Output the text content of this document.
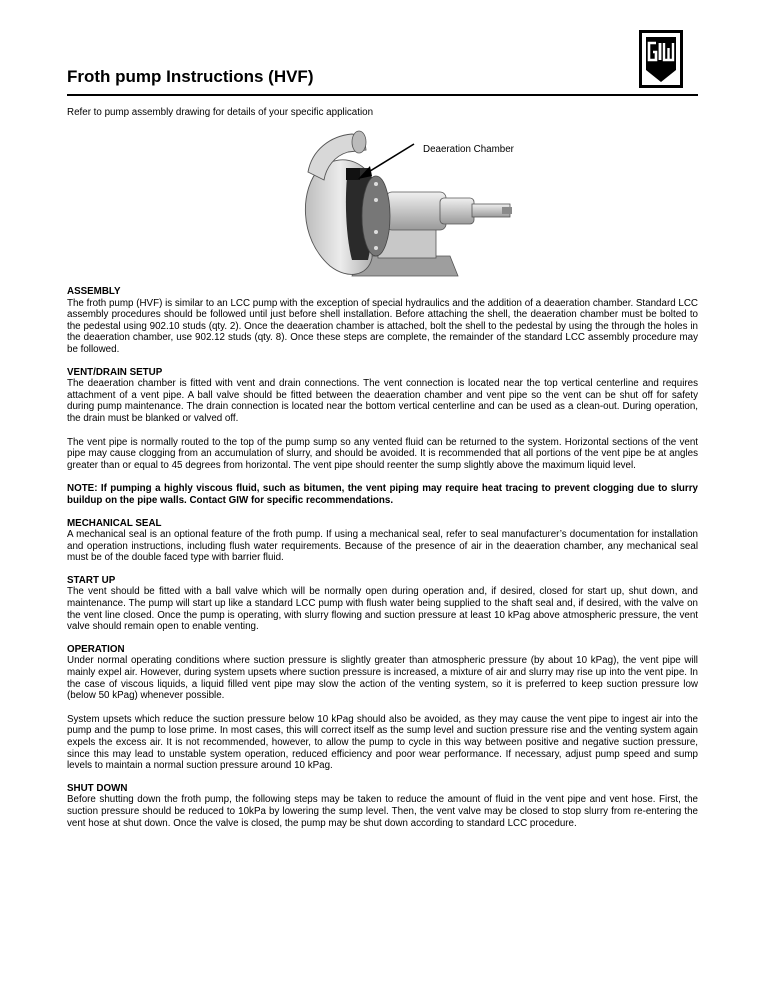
Froth pump Instructions (HVF)

Refer to pump assembly drawing for details of your specific application

Deaeration Chamber
ASSEMBLY

The froth pump (HVF) is similar to an LCC pump with the exception of special hydraulics and the addition of a deaeration chamber. Standard LCC assembly procedures should be followed until just before shell installation. Before attaching the shell, the deaeration chamber must be bolted to the pedestal using 902.10 studs (qty. 2). Once the deaeration chamber is attached, bolt the shell to the pedestal by using the through the holes in the deaeration chamber, use 902.12 studs (qty. 8). Once these steps are complete, the remainder of the standard LCC assembly procedure may be followed.

VENT/DRAIN SETUP

The deaeration chamber is fitted with vent and drain connections. The vent connection is located near the top vertical centerline and requires attachment of a vent pipe. A ball valve should be fitted between the deaeration chamber and vent pipe so the vent can be shut off for safety during pump maintenance. The drain connection is located near the bottom vertical centerline and can be used as a clean-out. During operation, the drain must be blanked or valved off.

The vent pipe is normally routed to the top of the pump sump so any vented fluid can be returned to the system. Horizontal sections of the vent pipe may cause clogging from an accumulation of slurry, and should be avoided. It is recommended that all portions of the vent pipe be at angles greater than or equal to 45 degrees from horizontal. The vent pipe should reenter the sump slightly above the maximum liquid level.

NOTE: If pumping a highly viscous fluid, such as bitumen, the vent piping may require heat tracing to prevent clogging due to slurry buildup on the pipe walls. Contact GIW for specific recommendations.

MECHANICAL SEAL

A mechanical seal is an optional feature of the froth pump. If using a mechanical seal, refer to seal manufacturer’s documentation for installation and operation instructions, including flush water requirements. Because of the presence of air in the deaeration chamber, any mechanical seal must be of the double faced type with barrier fluid.

START UP

The vent should be fitted with a ball valve which will be normally open during operation and, if desired, closed for start up, shut down, and maintenance. The pump will start up like a standard LCC pump with flush water being supplied to the shaft seal and, if desired, with the valve on the vent line closed. Once the pump is operating, with slurry flowing and suction pressure at least 10 kPag above atmospheric pressure, the vent valve should remain open to enable venting.

OPERATION

Under normal operating conditions where suction pressure is slightly greater than atmospheric pressure (by about 10 kPag), the vent pipe will mainly expel air. However, during system upsets where suction pressure is increased, a mixture of air and slurry may rise up into the vent pipe. In the case of viscous liquids, a liquid filled vent pipe may slow the action of the venting system, so it is preferred to keep suction pressure low (below 50 kPag) whenever possible.

System upsets which reduce the suction pressure below 10 kPag should also be avoided, as they may cause the vent pipe to ingest air into the pump and the pump to lose prime. In most cases, this will correct itself as the sump level and suction pressure rise and the venting system again expels the excess air. It is not recommended, however, to allow the pump to cycle in this way between positive and negative suction pressure, since this may lead to unstable system operation, reduced efficiency and poor wear performance. If necessary, adjust pump speed and sump levels to maintain a normal suction pressure around 10 kPag.

SHUT DOWN

Before shutting down the froth pump, the following steps may be taken to reduce the amount of fluid in the vent pipe and vent hose. First, the suction pressure should be reduced to 10kPa by lowering the sump level. Then, the vent valve may be closed to stop slurry from re-entering the vent hose at shut down. Once the valve is closed, the pump may be shut down according to standard LCC procedure.
